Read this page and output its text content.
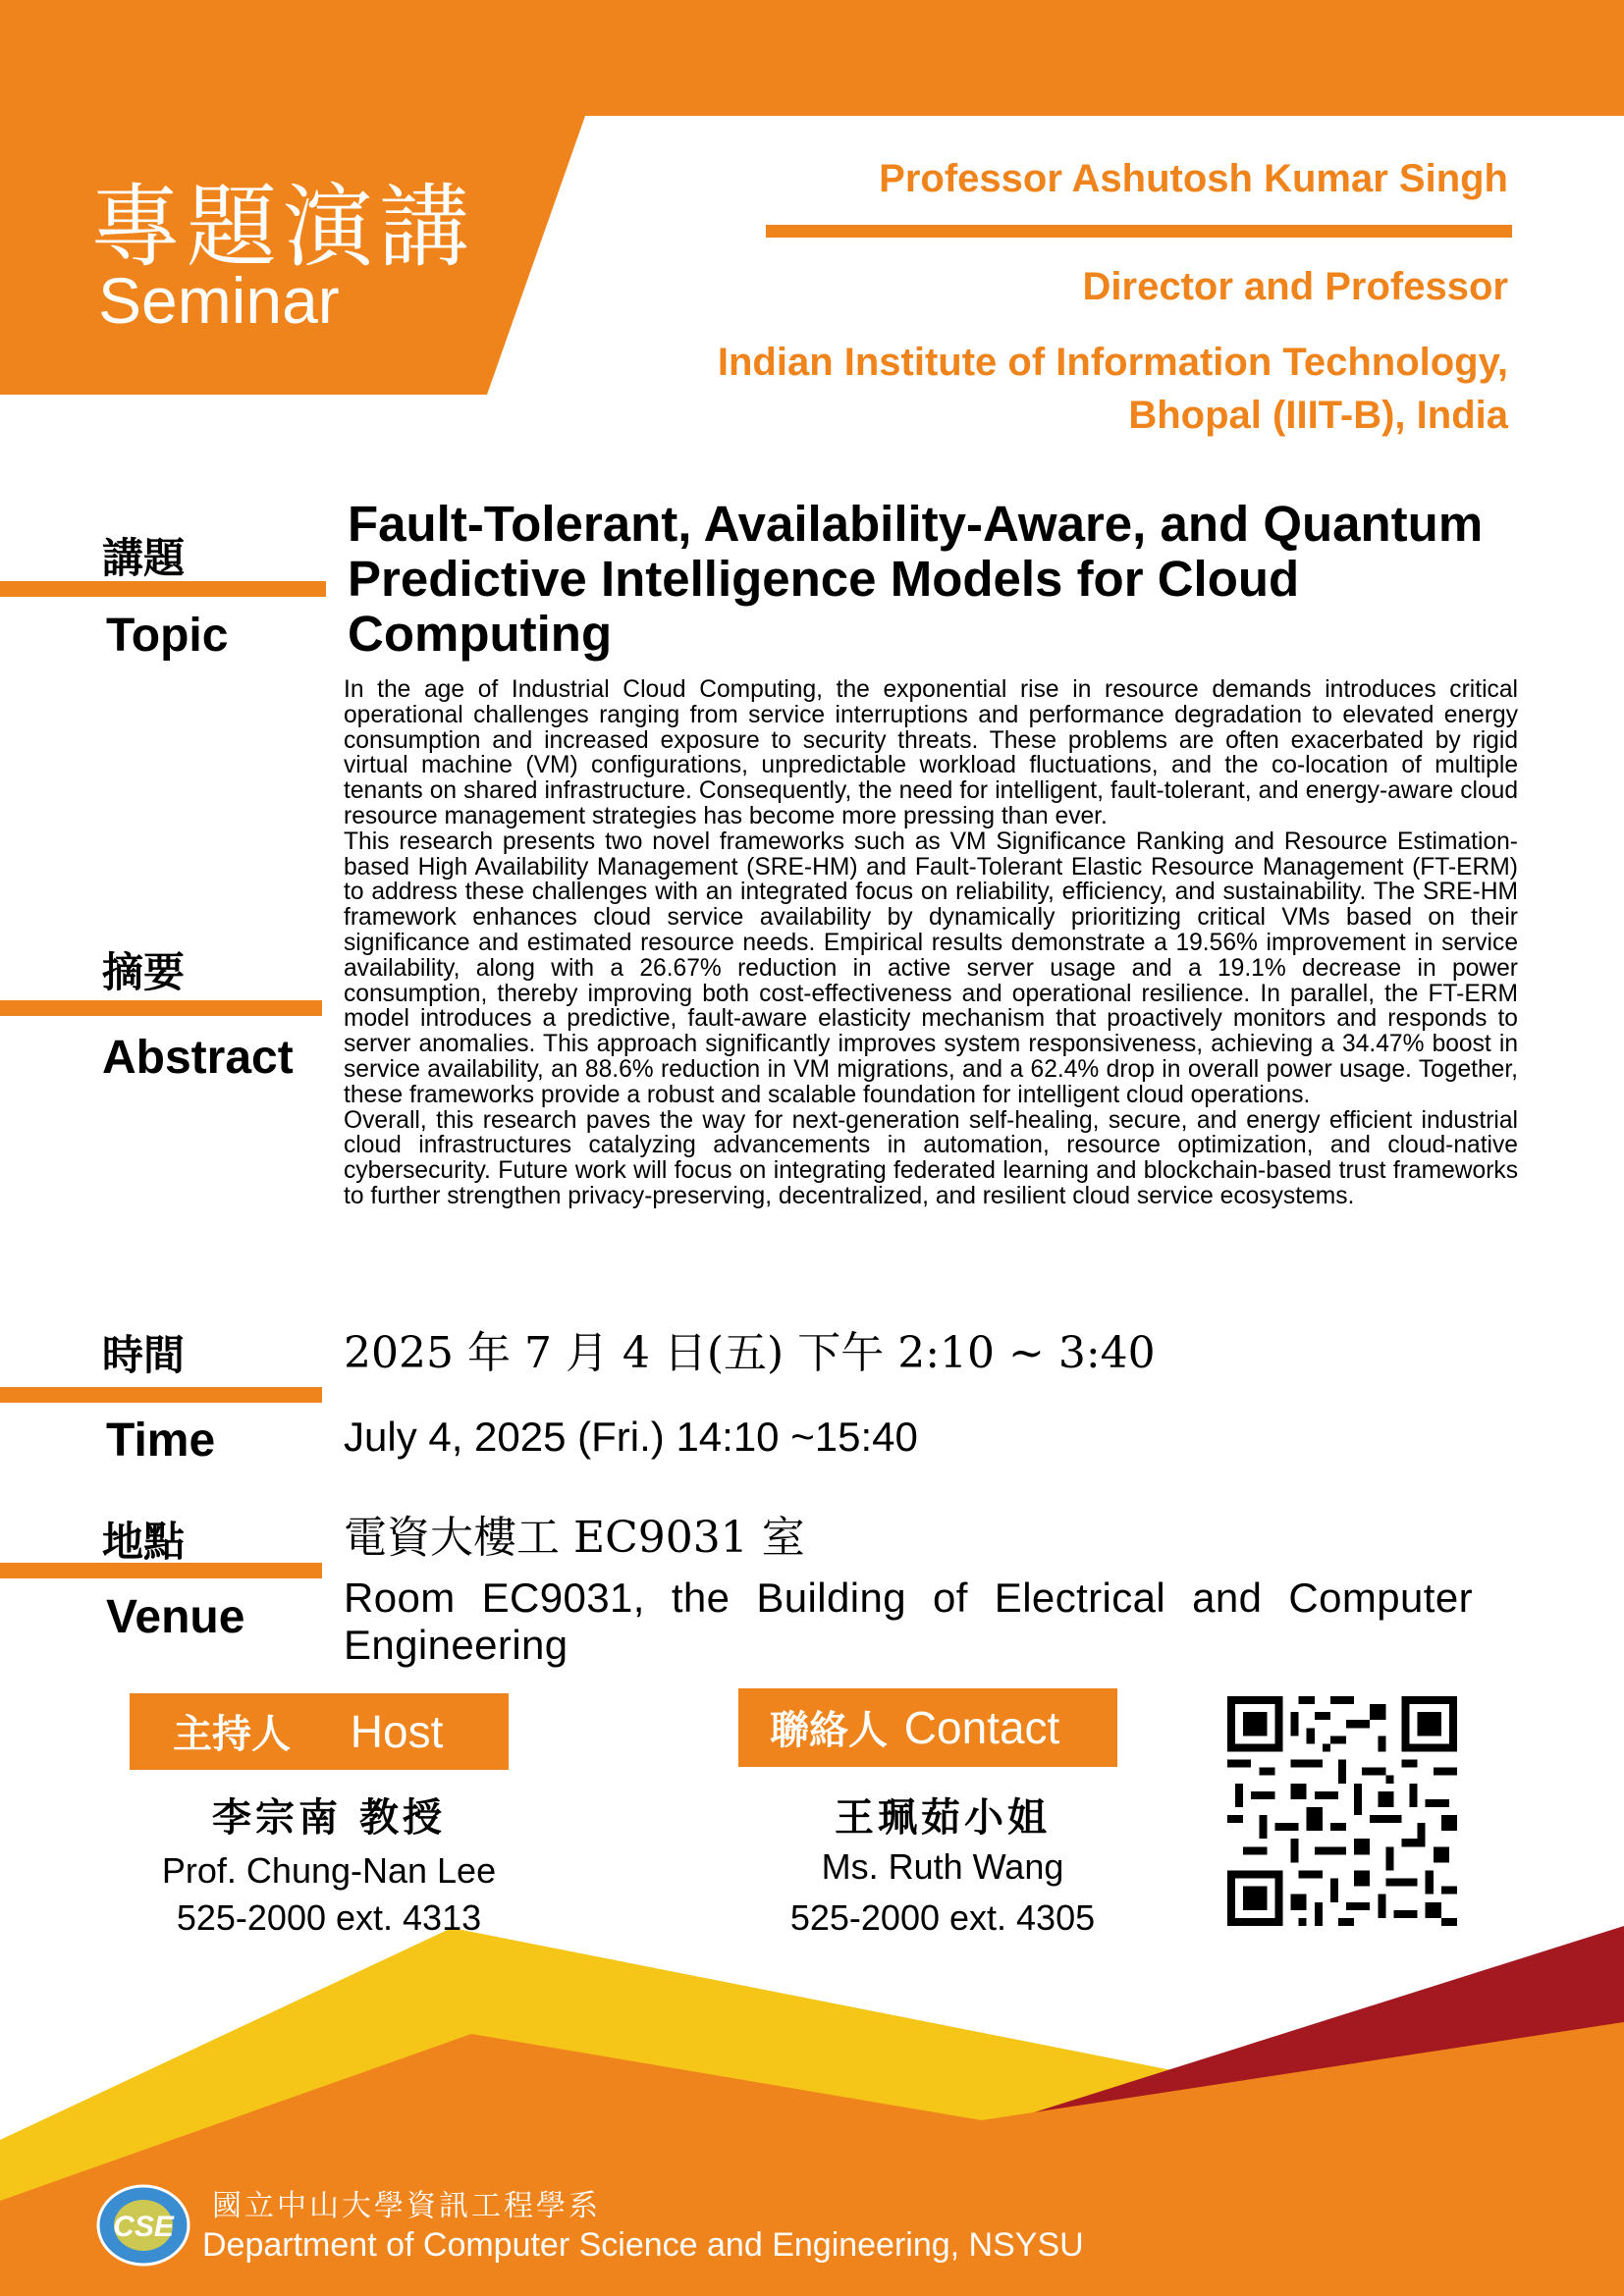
專題演講
Seminar
Professor Ashutosh Kumar Singh
Director and Professor
Indian Institute of Information Technology,
Bhopal (IIIT-B), India
講題
Topic
摘要
Abstract
時間
Time
地點
Venue
Fault-Tolerant, Availability-Aware, and Quantum Predictive Intelligence Models for Cloud Computing

In the age of Industrial Cloud Computing, the exponential rise in resource demands introduces critical operational challenges ranging from service interruptions and performance degradation to elevated energy consumption and increased exposure to security threats. These problems are often exacerbated by rigid virtual machine (VM) configurations, unpredictable workload fluctuations, and the co-location of multiple tenants on shared infrastructure. Consequently, the need for intelligent, fault-tolerant, and energy-aware cloud resource management strategies has become more pressing than ever.

This research presents two novel frameworks such as VM Significance Ranking and Resource Estimation-based High Availability Management (SRE-HM) and Fault-Tolerant Elastic Resource Management (FT-ERM) to address these challenges with an integrated focus on reliability, efficiency, and sustainability. The SRE-HM framework enhances cloud service availability by dynamically prioritizing critical VMs based on their significance and estimated resource needs. Empirical results demonstrate a 19.56% improvement in service availability, along with a 26.67% reduction in active server usage and a 19.1% decrease in power consumption, thereby improving both cost-effectiveness and operational resilience. In parallel, the FT-ERM model introduces a predictive, fault-aware elasticity mechanism that proactively monitors and responds to server anomalies. This approach significantly improves system responsiveness, achieving a 34.47% boost in service availability, an 88.6% reduction in VM migrations, and a 62.4% drop in overall power usage. Together, these frameworks provide a robust and scalable foundation for intelligent cloud operations.

Overall, this research paves the way for next-generation self-healing, secure, and energy efficient industrial cloud infrastructures catalyzing advancements in automation, resource optimization, and cloud-native cybersecurity. Future work will focus on integrating federated learning and blockchain-based trust frameworks to further strengthen privacy-preserving, decentralized, and resilient cloud service ecosystems.

2025 年 7 月 4 日(五) 下午 2:10 ~ 3:40
July 4, 2025 (Fri.) 14:10 ~15:40
電資大樓工 EC9031 室
Room EC9031, the Building of Electrical and Computer Engineering
主持人 Host
李宗南 教授
Prof. Chung-Nan Lee
525-2000 ext. 4313
聯絡人 Contact
王珮茹小姐
Ms. Ruth Wang
525-2000 ext. 4305
CSE
國立中山大學資訊工程學系
Department of Computer Science and Engineering, NSYSU
